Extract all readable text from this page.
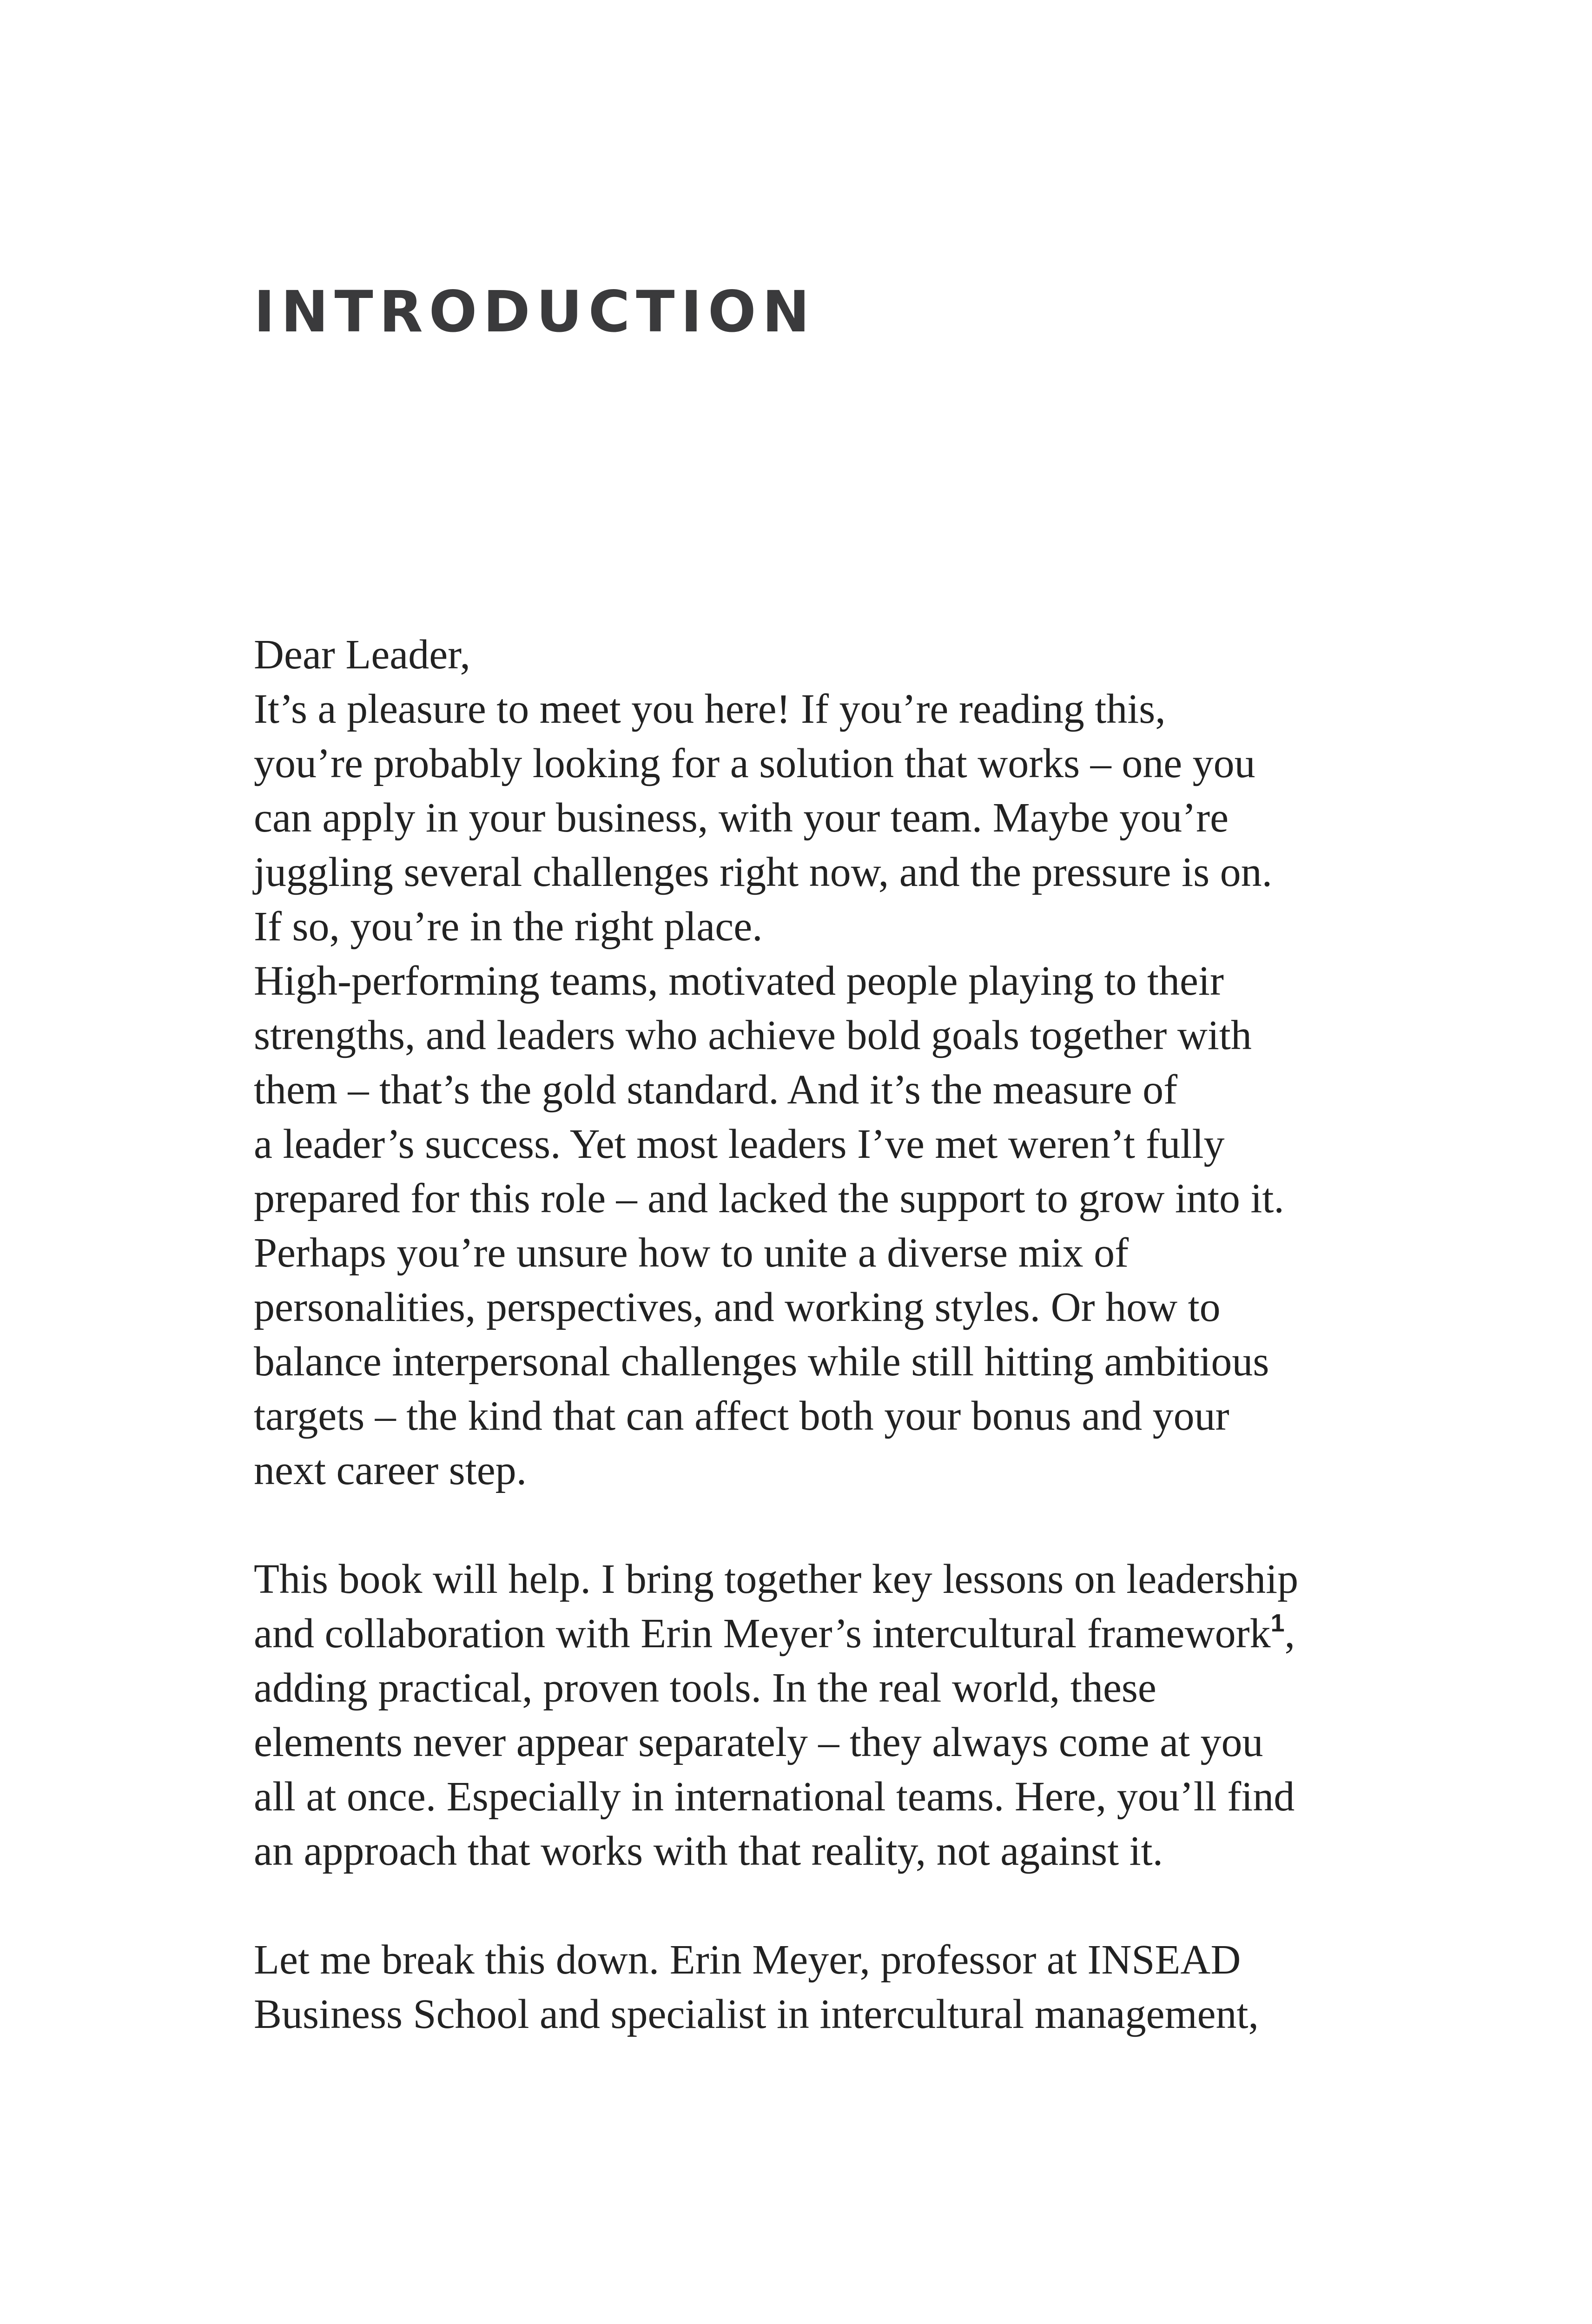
INTRODUCTION
Dear Leader,
It’s a pleasure to meet you here! If you’re reading this,
you’re probably looking for a solution that works – one you
can apply in your business, with your team. Maybe you’re
juggling several challenges right now, and the pressure is on.
If so, you’re in the right place.
High-performing teams, motivated people playing to their
strengths, and leaders who achieve bold goals together with
them – that’s the gold standard. And it’s the measure of
a leader’s success. Yet most leaders I’ve met weren’t fully
prepared for this role – and lacked the support to grow into it.
Perhaps you’re unsure how to unite a diverse mix of
personalities, perspectives, and working styles. Or how to
balance interpersonal challenges while still hitting ambitious
targets – the kind that can affect both your bonus and your
next career step.
This book will help. I bring together key lessons on leadership
and collaboration with Erin Meyer’s intercultural framework$^1$,
adding practical, proven tools. In the real world, these
elements never appear separately – they always come at you
all at once. Especially in international teams. Here, you’ll find
an approach that works with that reality, not against it.
Let me break this down. Erin Meyer, professor at INSEAD
Business School and specialist in intercultural management,
